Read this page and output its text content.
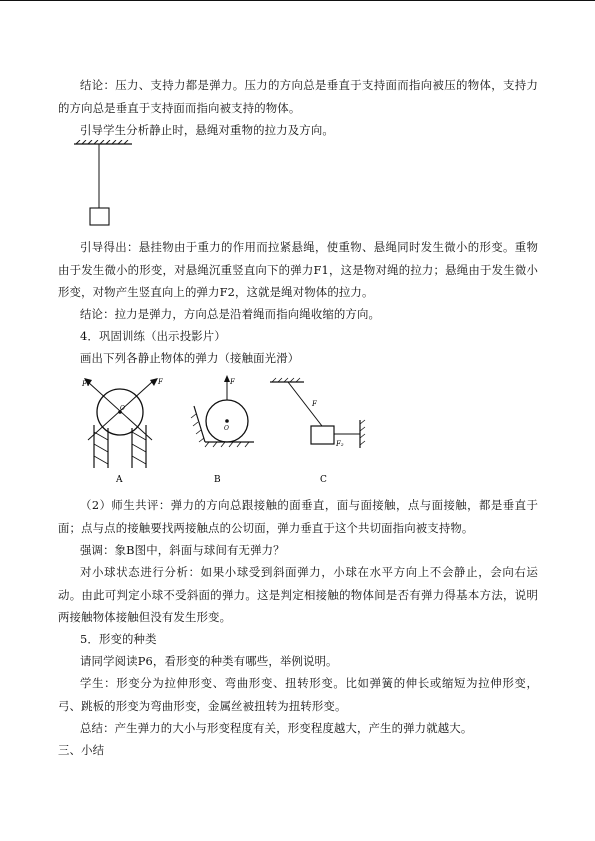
结论：压力、支持力都是弹力。压力的方向总是垂直于支持面而指向被压的物体，支持力的方向总是垂直于支持面而指向被支持的物体。
引导学生分析静止时，悬绳对重物的拉力及方向。
引导得出：悬挂物由于重力的作用而拉紧悬绳，使重物、悬绳同时发生微小的形变。重物由于发生微小的形变，对悬绳沉重竖直向下的弹力F1，这是物对绳的拉力；悬绳由于发生微小形变，对物产生竖直向上的弹力F2，这就是绳对物体的拉力。
结论：拉力是弹力，方向总是沿着绳而指向绳收缩的方向。
4．巩固训练（出示投影片）
画出下列各静止物体的弹力（接触面光滑）
F₁	F
O
A
O
F
B
F
F₂
C
（2）师生共评：弹力的方向总跟接触的面垂直，面与面接触，点与面接触，都是垂直于面；点与点的接触要找两接触点的公切面，弹力垂直于这个共切面指向被支持物。
强调：象B图中，斜面与球间有无弹力？
对小球状态进行分析：如果小球受到斜面弹力，小球在水平方向上不会静止，会向右运动。由此可判定小球不受斜面的弹力。这是判定相接触的物体间是否有弹力得基本方法，说明两接触物体接触但没有发生形变。
5．形变的种类
请同学阅读P6，看形变的种类有哪些，举例说明。
学生：形变分为拉伸形变、弯曲形变、扭转形变。比如弹簧的伸长或缩短为拉伸形变，弓、跳板的形变为弯曲形变，金属丝被扭转为扭转形变。
总结：产生弹力的大小与形变程度有关，形变程度越大，产生的弹力就越大。
三、小结
